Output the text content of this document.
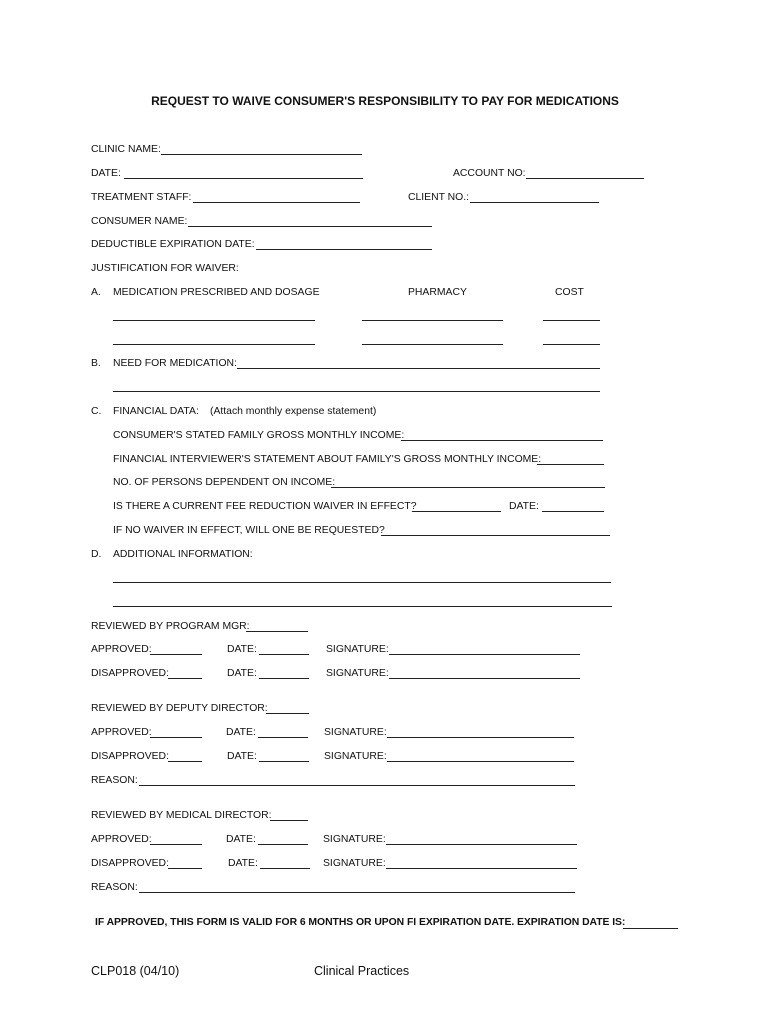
REQUEST TO WAIVE CONSUMER'S RESPONSIBILITY TO PAY FOR MEDICATIONS
CLINIC NAME:
DATE:	ACCOUNT NO:
TREATMENT STAFF:	CLIENT NO.:
CONSUMER NAME:
DEDUCTIBLE EXPIRATION DATE:
JUSTIFICATION FOR WAIVER:
A. MEDICATION PRESCRIBED AND DOSAGE	PHARMACY	COST
B. NEED FOR MEDICATION:
C. FINANCIAL DATA: (Attach monthly expense statement)
CONSUMER'S STATED FAMILY GROSS MONTHLY INCOME:
FINANCIAL INTERVIEWER'S STATEMENT ABOUT FAMILY'S GROSS MONTHLY INCOME:
NO. OF PERSONS DEPENDENT ON INCOME:
IS THERE A CURRENT FEE REDUCTION WAIVER IN EFFECT?	DATE:
IF NO WAIVER IN EFFECT, WILL ONE BE REQUESTED?
D. ADDITIONAL INFORMATION:
REVIEWED BY PROGRAM MGR:
APPROVED:	DATE:	SIGNATURE:
DISAPPROVED:	DATE:	SIGNATURE:
REVIEWED BY DEPUTY DIRECTOR:
APPROVED:	DATE:	SIGNATURE:
DISAPPROVED:	DATE:	SIGNATURE:
REASON:
REVIEWED BY MEDICAL DIRECTOR:
APPROVED:	DATE:	SIGNATURE:
DISAPPROVED:	DATE:	SIGNATURE:
REASON:
IF APPROVED, THIS FORM IS VALID FOR 6 MONTHS OR UPON FI EXPIRATION DATE. EXPIRATION DATE IS:
CLP018 (04/10)	Clinical Practices
